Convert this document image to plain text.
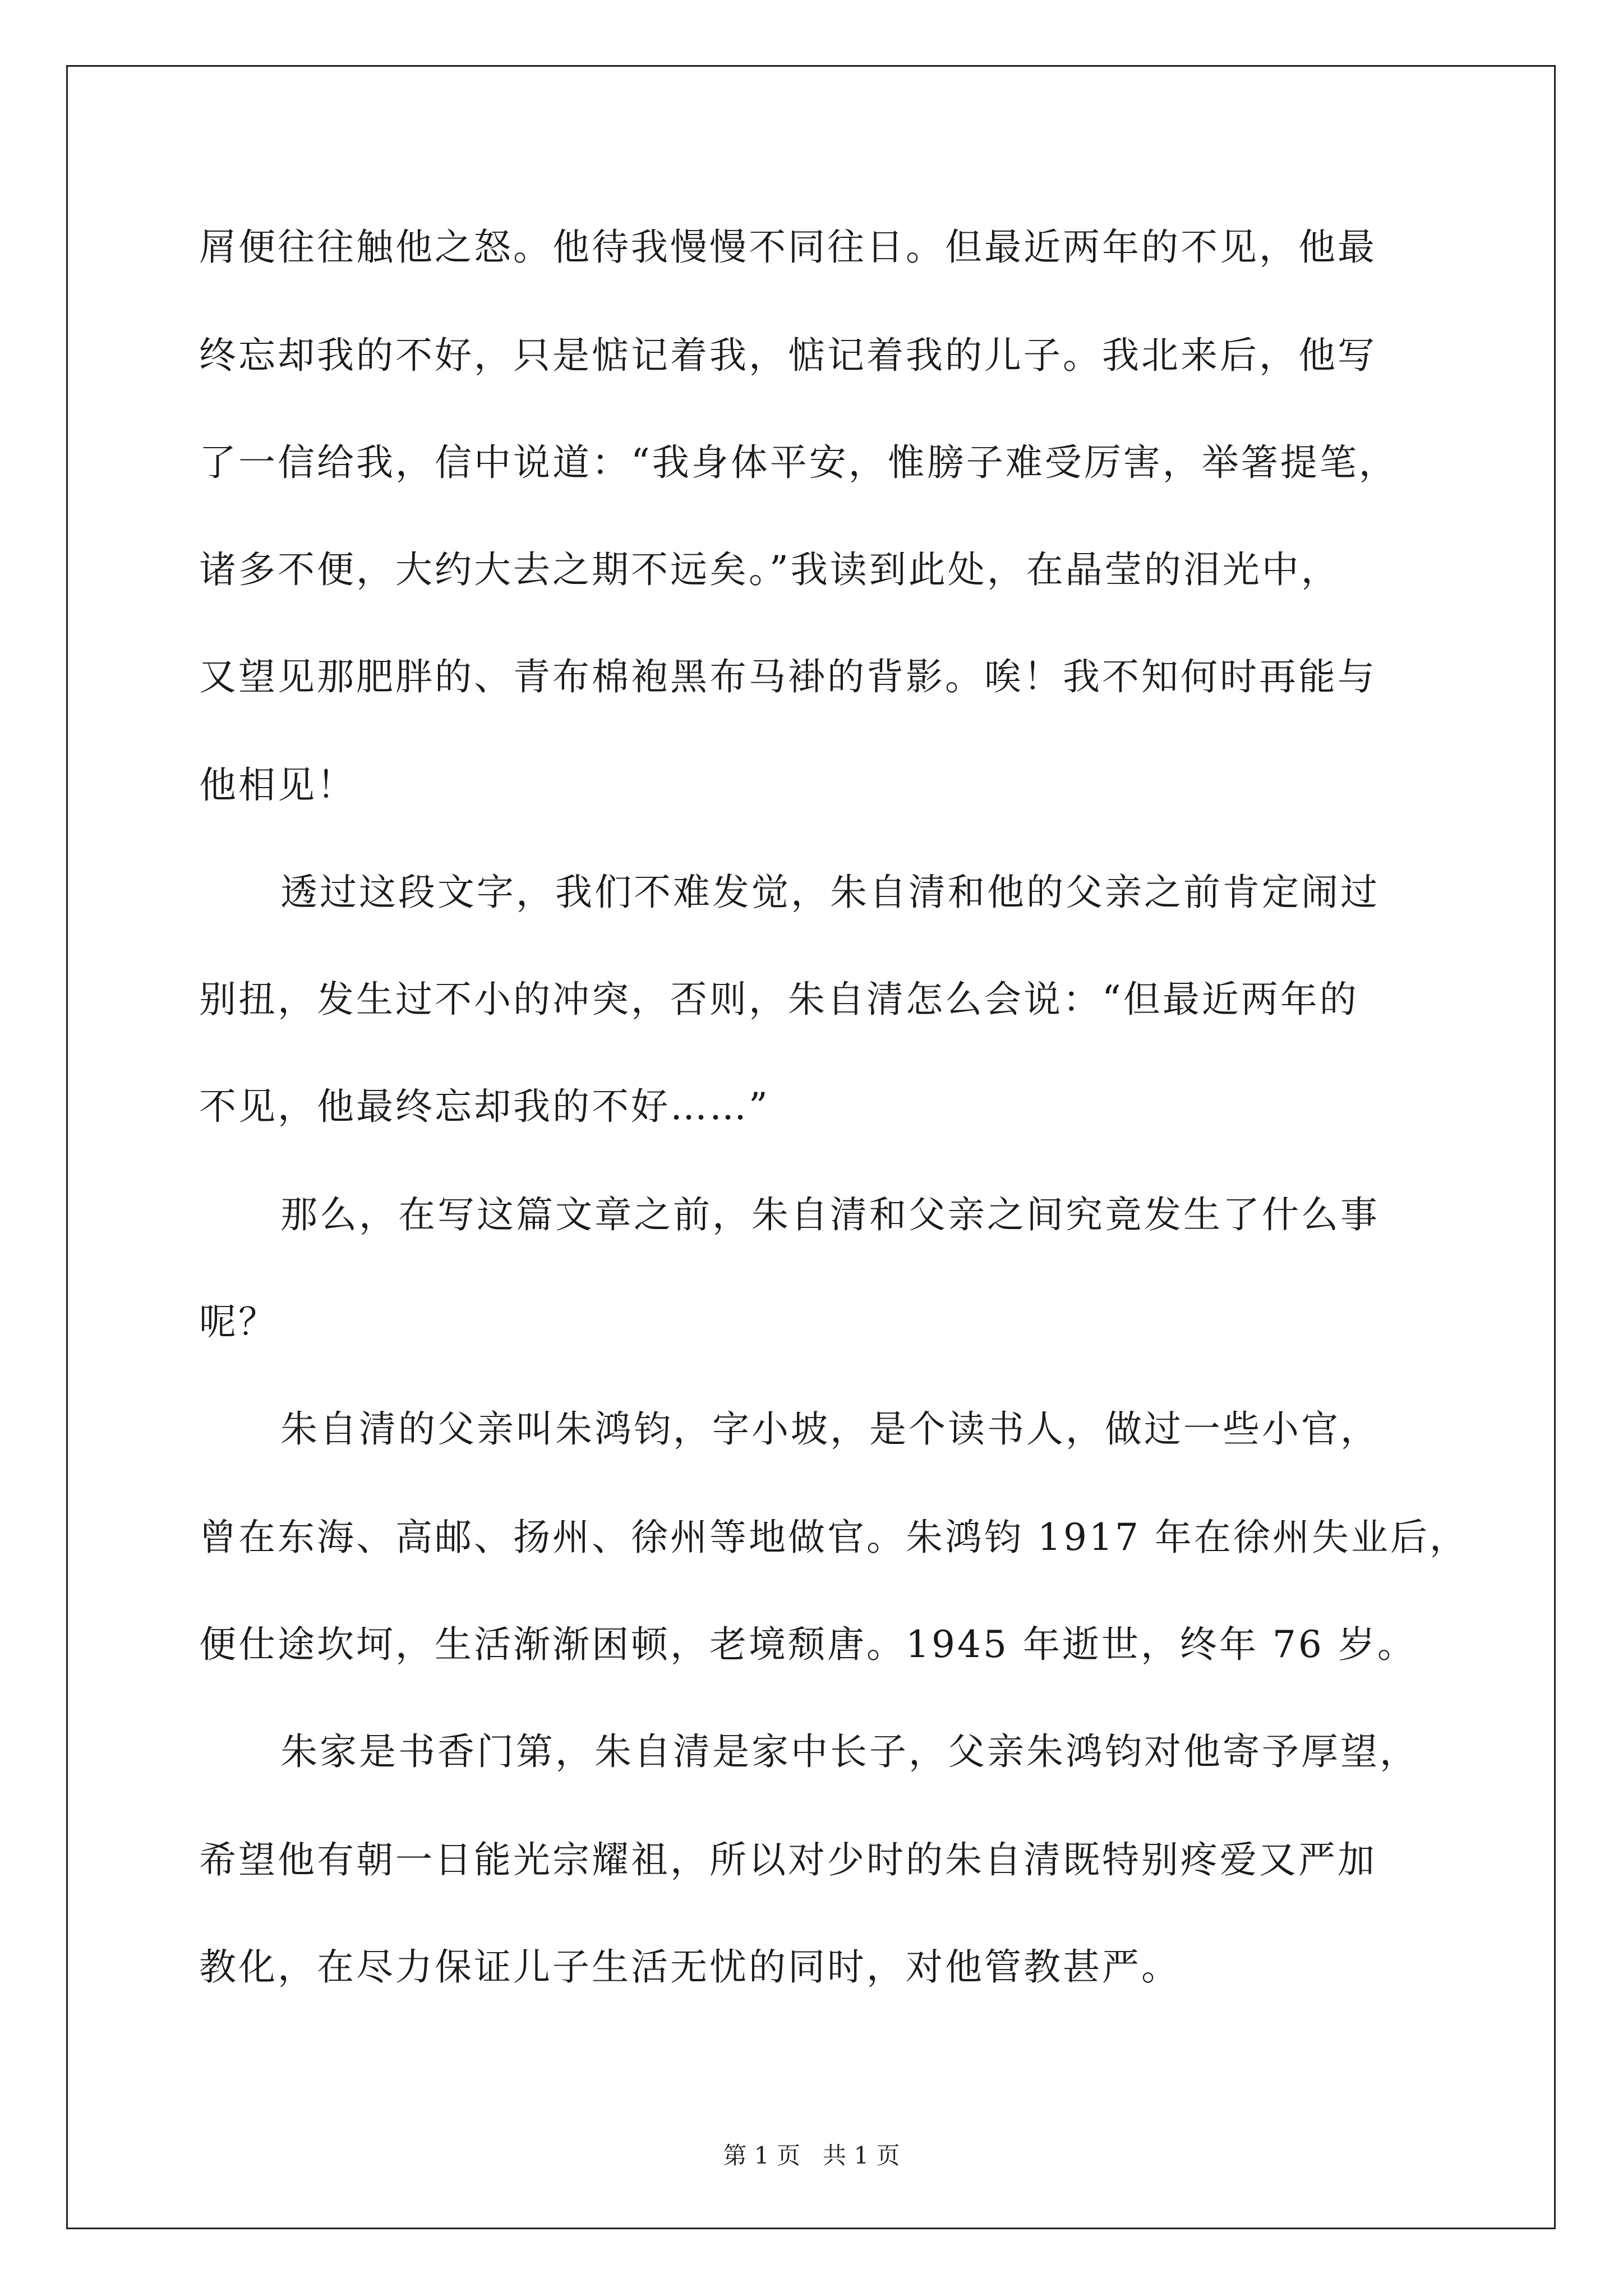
屑便往往触他之怒。他待我慢慢不同往日。但最近两年的不见，他最
终忘却我的不好，只是惦记着我，惦记着我的儿子。我北来后，他写
了一信给我，信中说道：“我身体平安，惟膀子难受厉害，举箸提笔，
诸多不便，大约大去之期不远矣。”我读到此处，在晶莹的泪光中，
又望见那肥胖的、青布棉袍黑布马褂的背影。唉！我不知何时再能与
他相见！
透过这段文字，我们不难发觉，朱自清和他的父亲之前肯定闹过
别扭，发生过不小的冲突，否则，朱自清怎么会说：“但最近两年的
不见，他最终忘却我的不好……”
那么，在写这篇文章之前，朱自清和父亲之间究竟发生了什么事
呢？
朱自清的父亲叫朱鸿钧，字小坡，是个读书人，做过一些小官，
曾在东海、高邮、扬州、徐州等地做官。朱鸿钧 1917 年在徐州失业后，
便仕途坎坷，生活渐渐困顿，老境颓唐。1945 年逝世，终年 76 岁。
朱家是书香门第，朱自清是家中长子，父亲朱鸿钧对他寄予厚望，
希望他有朝一日能光宗耀祖，所以对少时的朱自清既特别疼爱又严加
教化，在尽力保证儿子生活无忧的同时，对他管教甚严。
第 1 页   共 1 页
